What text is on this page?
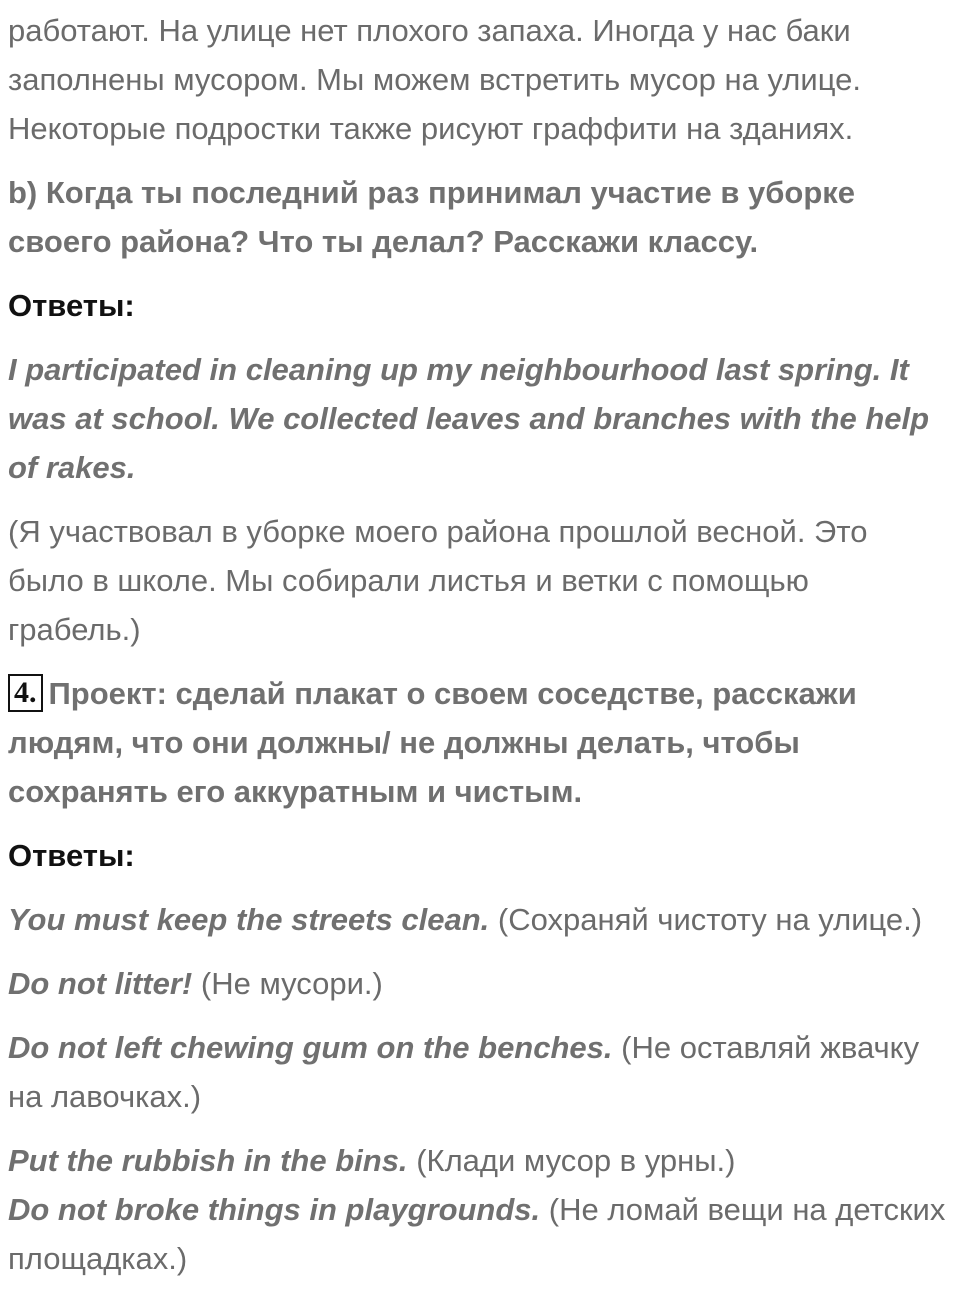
работают. На улице нет плохого запаха. Иногда у нас баки заполнены мусором. Мы можем встретить мусор на улице. Некоторые подростки также рисуют граффити на зданиях.

b) Когда ты последний раз принимал участие в уборке своего района? Что ты делал? Расскажи классу.

Ответы:

I participated in cleaning up my neighbourhood last spring. It was at school. We collected leaves and branches with the help of rakes.

(Я участвовал в уборке моего района прошлой весной. Это было в школе. Мы собирали листья и ветки с помощью грабель.)

4. Проект: сделай плакат о своем соседстве, расскажи людям, что они должны/ не должны делать, чтобы сохранять его аккуратным и чистым.

Ответы:

You must keep the streets clean. (Сохраняй чистоту на улице.)

Do not litter! (Не мусори.)

Do not left chewing gum on the benches. (Не оставляй жвачку на лавочках.)

Put the rubbish in the bins. (Клади мусор в урны.)

Do not broke things in playgrounds. (Не ломай вещи на детских площадках.)
